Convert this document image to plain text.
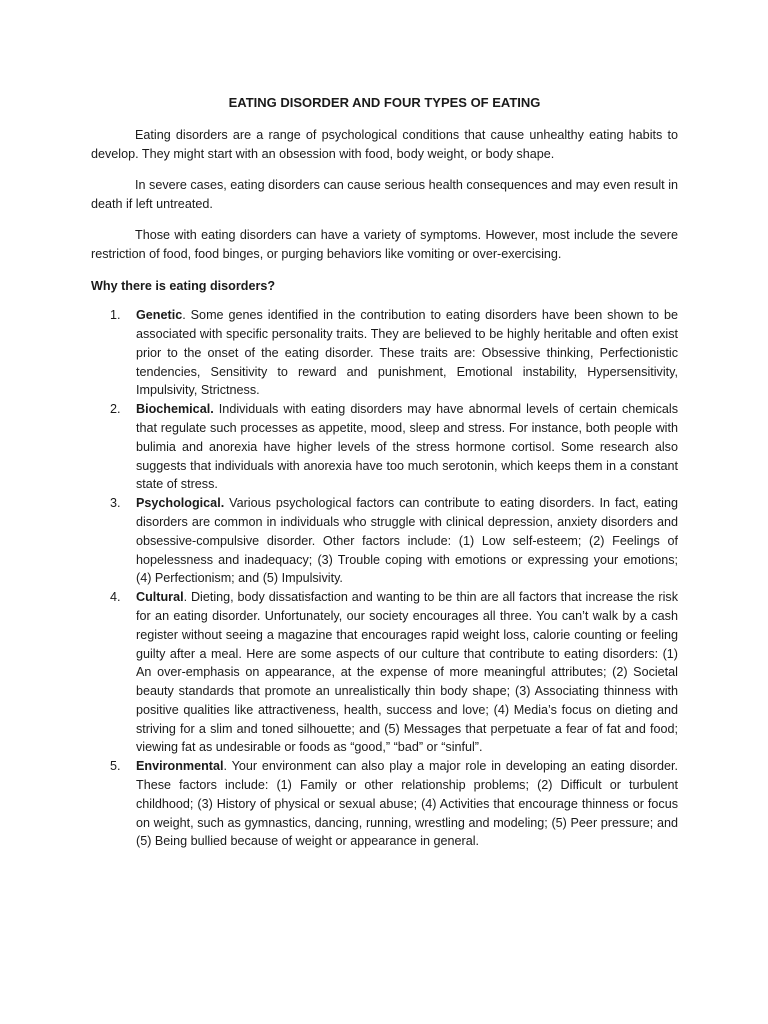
EATING DISORDER AND FOUR TYPES OF EATING

Eating disorders are a range of psychological conditions that cause unhealthy eating habits to develop. They might start with an obsession with food, body weight, or body shape.

In severe cases, eating disorders can cause serious health consequences and may even result in death if left untreated.

Those with eating disorders can have a variety of symptoms. However, most include the severe restriction of food, food binges, or purging behaviors like vomiting or over-exercising.

Why there is eating disorders?
1.	Genetic. Some genes identified in the contribution to eating disorders have been shown to be associated with specific personality traits. They are believed to be highly heritable and often exist prior to the onset of the eating disorder. These traits are: Obsessive thinking, Perfectionistic tendencies, Sensitivity to reward and punishment, Emotional instability, Hypersensitivity, Impulsivity, Strictness.
2.	Biochemical. Individuals with eating disorders may have abnormal levels of certain chemicals that regulate such processes as appetite, mood, sleep and stress. For instance, both people with bulimia and anorexia have higher levels of the stress hormone cortisol. Some research also suggests that individuals with anorexia have too much serotonin, which keeps them in a constant state of stress.
3.	Psychological. Various psychological factors can contribute to eating disorders. In fact, eating disorders are common in individuals who struggle with clinical depression, anxiety disorders and obsessive-compulsive disorder. Other factors include: (1) Low self-esteem; (2) Feelings of hopelessness and inadequacy; (3) Trouble coping with emotions or expressing your emotions; (4) Perfectionism; and (5) Impulsivity.
4.	Cultural. Dieting, body dissatisfaction and wanting to be thin are all factors that increase the risk for an eating disorder. Unfortunately, our society encourages all three. You can’t walk by a cash register without seeing a magazine that encourages rapid weight loss, calorie counting or feeling guilty after a meal. Here are some aspects of our culture that contribute to eating disorders: (1) An over-emphasis on appearance, at the expense of more meaningful attributes; (2) Societal beauty standards that promote an unrealistically thin body shape; (3) Associating thinness with positive qualities like attractiveness, health, success and love; (4) Media’s focus on dieting and striving for a slim and toned silhouette; and (5) Messages that perpetuate a fear of fat and food; viewing fat as undesirable or foods as “good,” “bad” or “sinful”.
5.	Environmental. Your environment can also play a major role in developing an eating disorder. These factors include: (1) Family or other relationship problems; (2) Difficult or turbulent childhood; (3) History of physical or sexual abuse; (4) Activities that encourage thinness or focus on weight, such as gymnastics, dancing, running, wrestling and modeling; (5) Peer pressure; and (5) Being bullied because of weight or appearance in general.
